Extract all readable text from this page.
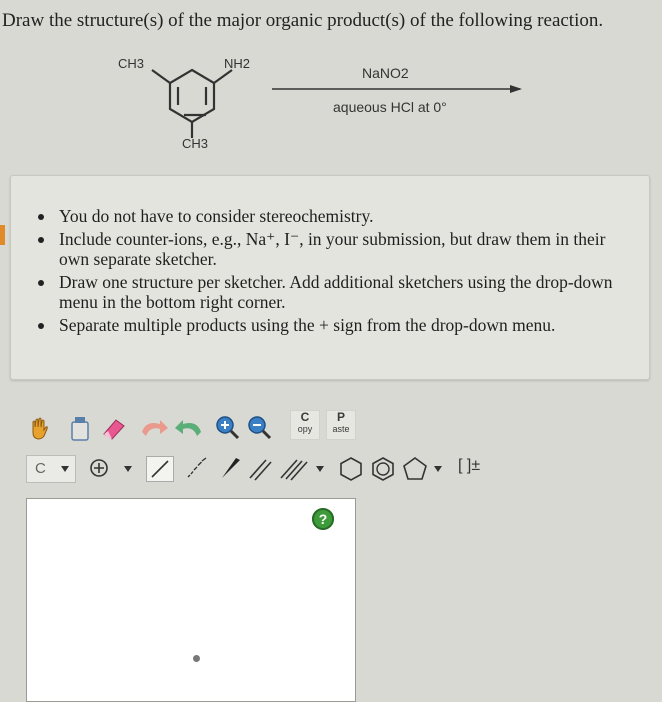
Draw the structure(s) of the major organic product(s) of the following reaction.
CH3	NH2
CH3
NaNO2
aqueous HCl at 0°
You do not have to consider stereochemistry.
Include counter-ions, e.g., Na⁺, I⁻, in your submission, but draw them in their own separate sketcher.
Draw one structure per sketcher. Add additional sketchers using the drop-down menu in the bottom right corner.
Separate multiple products using the + sign from the drop-down menu.
C
opy
P
aste
C	[ ]±
?
